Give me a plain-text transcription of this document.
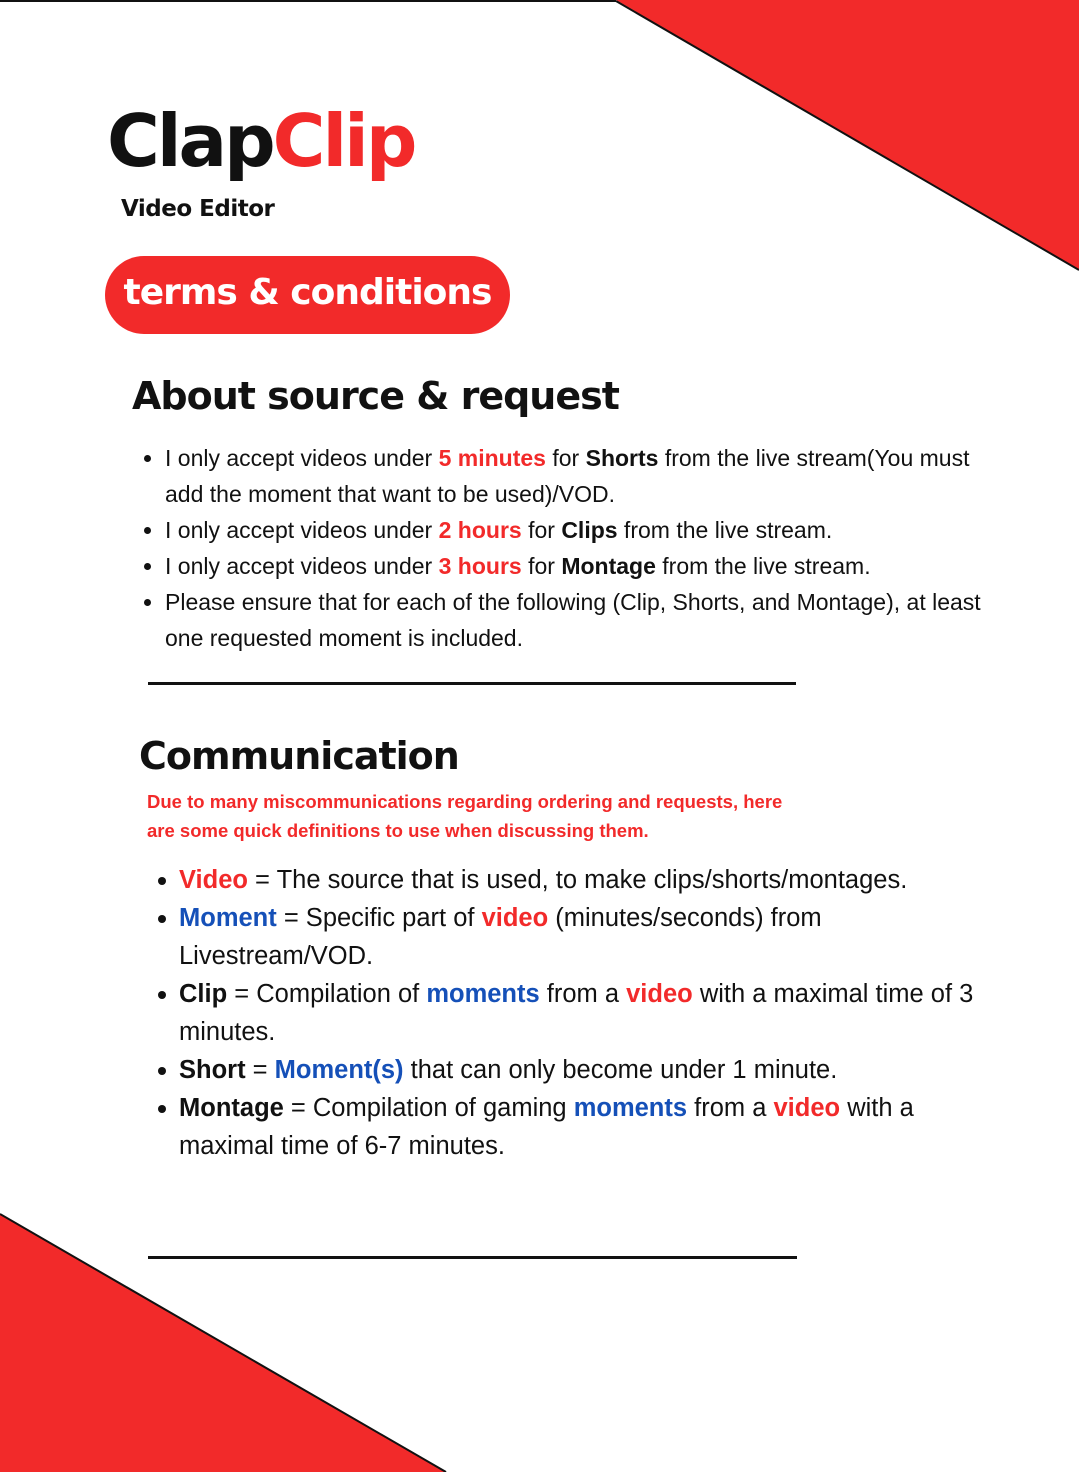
ClapClip
Video Editor
terms & conditions
About source & request
I only accept videos under 5 minutes for Shorts from the live stream(You must add the moment that want to be used)/VOD.
I only accept videos under 2 hours for Clips from the live stream.
I only accept videos under 3 hours for Montage from the live stream.
Please ensure that for each of the following (Clip, Shorts, and Montage), at least one requested moment is included.
Communication
Due to many miscommunications regarding ordering and requests, here
are some quick definitions to use when discussing them.
Video = The source that is used, to make clips/shorts/montages.
Moment = Specific part of video (minutes/seconds) from Livestream/VOD.
Clip = Compilation of moments from a video with a maximal time of 3 minutes.
Short = Moment(s) that can only become under 1 minute.
Montage = Compilation of gaming moments from a video with a maximal time of 6-7 minutes.
